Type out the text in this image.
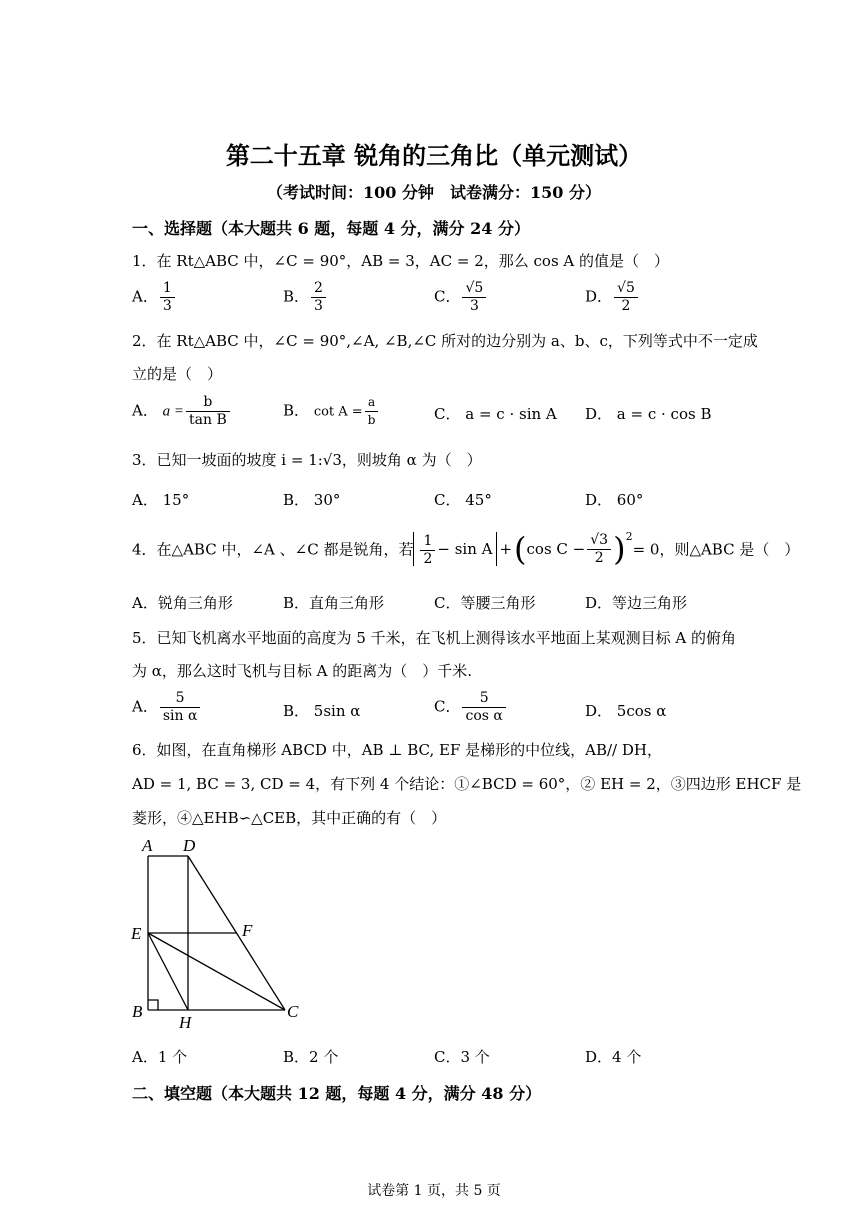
第二十五章 锐角的三角比（单元测试）
（考试时间：100 分钟　试卷满分：150 分）
一、选择题（本大题共 6 题，每题 4 分，满分 24 分）
1．在 Rt△ABC 中，∠C = 90°，AB = 3，AC = 2，那么 cos A 的值是（　）
A． $\frac{1}{3}$	B． $\frac{2}{3}$	C． $\frac{√5}{3}$	D． $\frac{√5}{2}$
2．在 Rt△ABC 中，∠C = 90°,∠A, ∠B,∠C 所对的边分别为 a、b、c，下列等式中不一定成
立的是（　）
A． $a = \frac{b}{\text{tan B}}$	B． $\cot A = \frac{a}{b}$	C． a = c · sin A D． a = c · cos B
3．已知一坡面的坡度 i = 1:√3，则坡角 α 为（　）
A． 15°	B． 30°	C． 45°	D． 60°
4．在△ABC 中，∠A 、∠C 都是锐角，若 $\frac{1}{2} - \sin A +(\cos$ $C - \frac{√3}{2} )^2= 0$，则△ABC 是（　）
A．锐角三角形	B．直角三角形	C．等腰三角形	D．等边三角形
5．已知飞机离水平地面的高度为 5 千米，在飞机上测得该水平地面上某观测目标 A 的俯角
为 α，那么这时飞机与目标 A 的距离为（　）千米.
A． $\frac{5}{\text{sin α}}$	B． 5sin α	C． $\frac{5}{\text{cos α}}$	D． 5cos α
6．如图，在直角梯形 ABCD 中，AB ⊥ BC, EF 是梯形的中位线，AB// DH，
AD = 1, BC = 3, CD = 4，有下列 4 个结论：①∠BCD = 60°，② EH = 2，③四边形 EHCF 是
菱形，④△EHB∽△CEB，其中正确的有（　）
A D
E	F
B
H
C
A．1 个	B．2 个	C．3 个	D．4 个
二、填空题（本大题共 12 题，每题 4 分，满分 48 分）
试卷第 1 页，共 5 页
